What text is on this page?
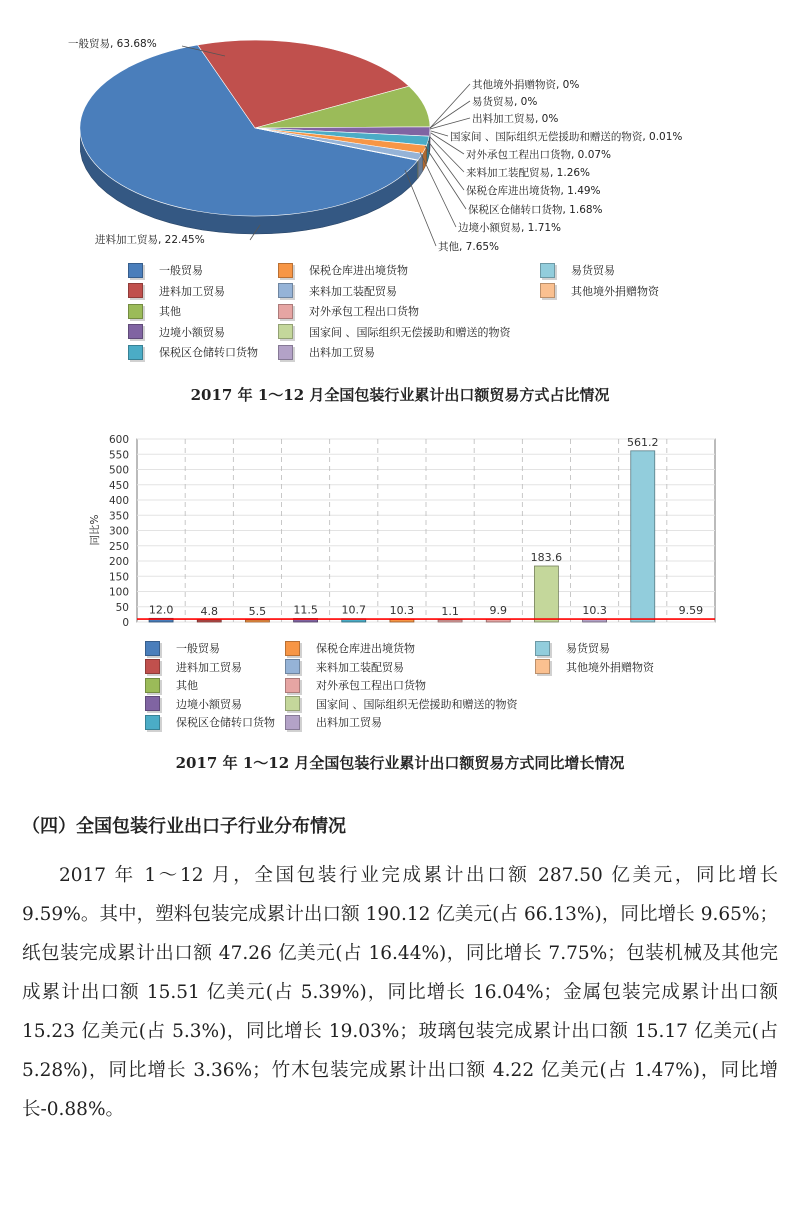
一般贸易, 63.68%
进料加工贸易, 22.45%
其他境外捐赠物资, 0%
易货贸易, 0%
出料加工贸易, 0%
国家间 、国际组织无偿援助和赠送的物资, 0.01%
对外承包工程出口货物, 0.07%
来料加工装配贸易, 1.26%
保税仓库进出境货物, 1.49%
保税区仓储转口货物, 1.68%
边境小额贸易, 1.71%
其他, 7.65%
一般贸易	保税仓库进出境货物	易货贸易
进料加工贸易	来料加工装配贸易	其他境外捐赠物资
其他	对外承包工程出口货物
边境小额贸易	国家间 、国际组织无偿援助和赠送的物资
保税区仓储转口货物	出料加工贸易
2017 年 1～12 月全国包装行业累计出口额贸易方式占比情况
0
50
100
150
200
250
300
350
400
450
500
550
600
同比%
12.0 4.8	5.5 11.5 10.7 10.3 1.1	9.9
183.6
10.3
561.2
9.59
一般贸易	保税仓库进出境货物	易货贸易
进料加工贸易	来料加工装配贸易	其他境外捐赠物资
其他	对外承包工程出口货物
边境小额贸易	国家间 、国际组织无偿援助和赠送的物资
保税区仓储转口货物	出料加工贸易
2017 年 1～12 月全国包装行业累计出口额贸易方式同比增长情况
（四）全国包装行业出口子行业分布情况
2017 年 1～12 月，全国包装行业完成累计出口额 287.50 亿美元，同比增长 9.59%。其中，塑料包装完成累计出口额 190.12 亿美元(占 66.13%)，同比增长 9.65%；纸包装完成累计出口额 47.26 亿美元(占 16.44%)，同比增长 7.75%；包装机械及其他完成累计出口额 15.51 亿美元(占 5.39%)，同比增长 16.04%；金属包装完成累计出口额 15.23 亿美元(占 5.3%)，同比增长 19.03%；玻璃包装完成累计出口额 15.17 亿美元(占 5.28%)，同比增长 3.36%；竹木包装完成累计出口额 4.22 亿美元(占 1.47%)，同比增长-0.88%。
